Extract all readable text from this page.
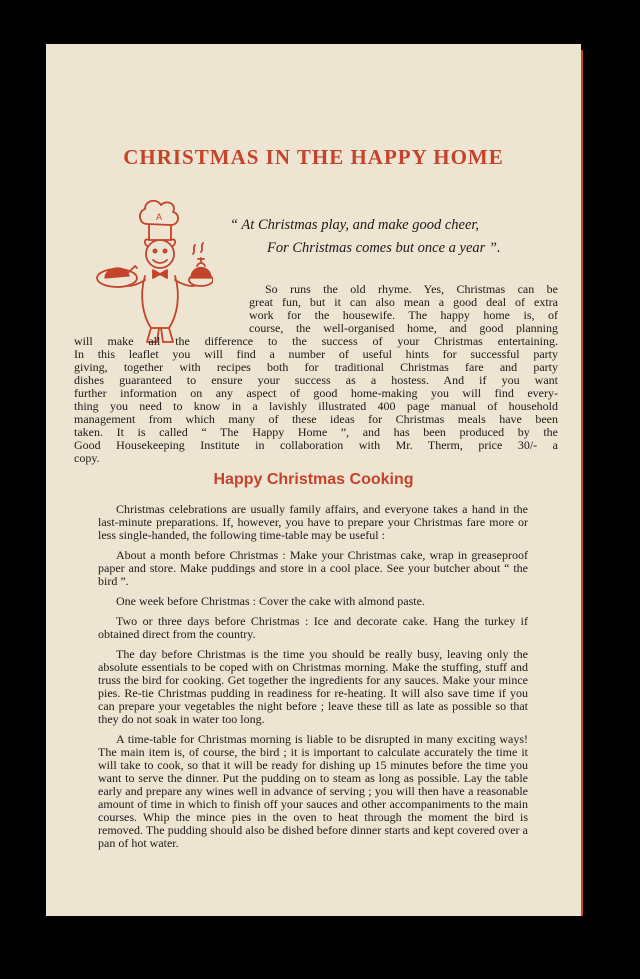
CHRISTMAS IN THE HAPPY HOME
A	“ At Christmas play, and make good cheer,
For Christmas comes but once a year ”.
So runs the old rhyme. Yes, Christmas can be
great fun, but it can also mean a good deal of extra
work for the housewife. The happy home is, of
course, the well-organised home, and good planning
will make all the difference to the success of your Christmas entertaining.
In this leaflet you will find a number of useful hints for successful party
giving, together with recipes both for traditional Christmas fare and party
dishes guaranteed to ensure your success as a hostess. And if you want
further information on any aspect of good home-making you will find every-
thing you need to know in a lavishly illustrated 400 page manual of household
management from which many of these ideas for Christmas meals have been
taken. It is called “ The Happy Home ”, and has been produced by the
Good Housekeeping Institute in collaboration with Mr. Therm, price 30/- a
copy.
Happy Christmas Cooking

Christmas celebrations are usually family affairs, and everyone takes a hand in the last-minute preparations. If, however, you have to prepare your Christmas fare more or less single-handed, the following time-table may be useful :

About a month before Christmas : Make your Christmas cake, wrap in greaseproof paper and store. Make puddings and store in a cool place. See your butcher about “ the bird ”.

One week before Christmas : Cover the cake with almond paste.

Two or three days before Christmas : Ice and decorate cake. Hang the turkey if obtained direct from the country.

The day before Christmas is the time you should be really busy, leaving only the absolute essentials to be coped with on Christmas morning. Make the stuffing, stuff and truss the bird for cooking. Get together the ingredients for any sauces. Make your mince pies. Re-tie Christmas pudding in readiness for re-heating. It will also save time if you can prepare your vegetables the night before ; leave these till as late as possible so that they do not soak in water too long.

A time-table for Christmas morning is liable to be disrupted in many exciting ways! The main item is, of course, the bird ; it is important to calculate accurately the time it will take to cook, so that it will be ready for dishing up 15 minutes before the time you want to serve the dinner. Put the pudding on to steam as long as possible. Lay the table early and prepare any wines well in advance of serving ; you will then have a reasonable amount of time in which to finish off your sauces and other accompaniments to the main courses. Whip the mince pies in the oven to heat through the moment the bird is removed. The pudding should also be dished before dinner starts and kept covered over a pan of hot water.
